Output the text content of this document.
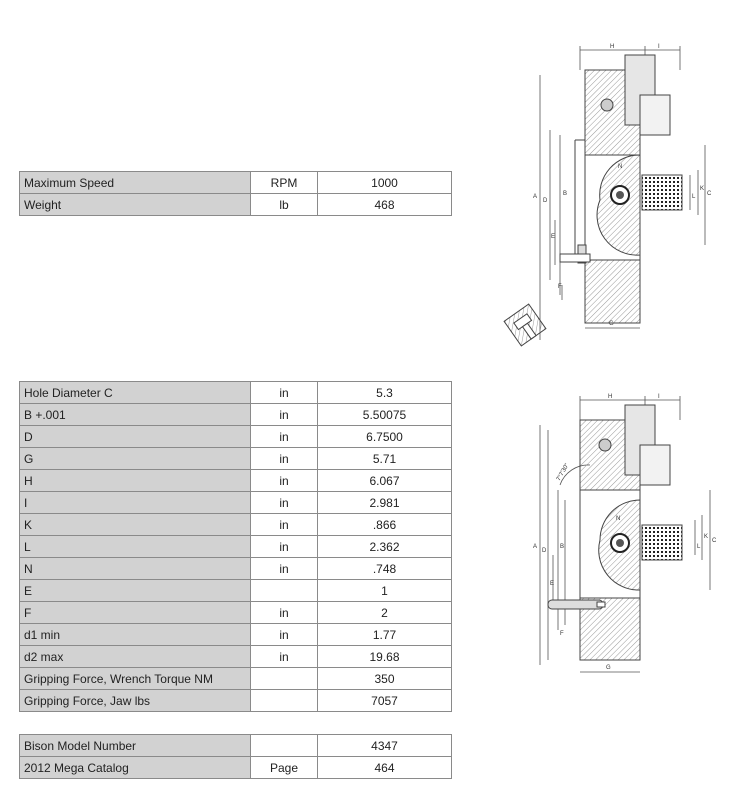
Maximum Speed	RPM	1000
Weight	lb	468
Hole Diameter C	in	5.3
B +.001	in	5.50075
D	in	6.7500
G	in	5.71
H	in	6.067
I	in	2.981
K	in	.866
L	in	2.362
N	in	.748
E		1
F	in	2
d1 min	in	1.77
d2 max	in	19.68
Gripping Force, Wrench Torque NM		350
Gripping Force, Jaw lbs		7057
Bison Model Number		4347
2012 Mega Catalog	Page	464
H	I
A
D
B
E
F
G
C
L
K
N
H	I
A
D
B
E
F
G
C
L
K
N
7°7'30"
